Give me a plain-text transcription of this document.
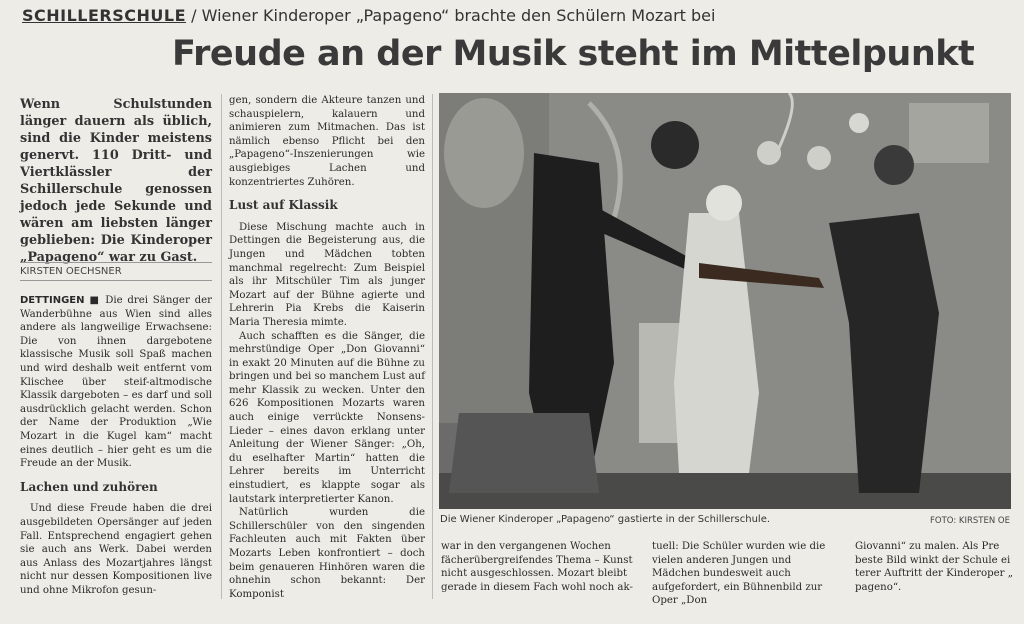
SCHILLERSCHULE / Wiener Kinderoper „Papageno“ brachte den Schülern Mozart bei
Freude an der Musik steht im Mittelpunkt
Wenn Schulstunden länger dauern als üblich, sind die Kinder meistens genervt. 110 Dritt- und Viertklässler der Schillerschule genossen jedoch jede Sekunde und wären am liebsten länger geblieben: Die Kinderoper „Papageno“ war zu Gast.
KIRSTEN OECHSNER

DETTINGEN ■ Die drei Sänger der Wanderbühne aus Wien sind alles andere als langweilige Erwachsene: Die von ihnen dargebotene klassische Musik soll Spaß machen und wird deshalb weit entfernt vom Klischee über steif-altmodische Klassik dargeboten – es darf und soll ausdrücklich gelacht werden. Schon der Name der Produktion „Wie Mozart in die Kugel kam“ macht eines deutlich – hier geht es um die Freude an der Musik.

Lachen und zuhören

Und diese Freude haben die drei ausgebildeten Opersänger auf jeden Fall. Entsprechend engagiert gehen sie auch ans Werk. Dabei werden aus Anlass des Mozartjahres längst nicht nur dessen Kompositionen live und ohne Mikrofon gesun-

gen, sondern die Akteure tanzen und schauspielern, kalauern und animieren zum Mitmachen. Das ist nämlich ebenso Pflicht bei den „Papageno“-Inszenierungen wie ausgiebiges Lachen und konzentriertes Zuhören.

Lust auf Klassik

Diese Mischung machte auch in Dettingen die Begeisterung aus, die Jungen und Mädchen tobten manchmal regelrecht: Zum Beispiel als ihr Mitschüler Tim als junger Mozart auf der Bühne agierte und Lehrerin Pia Krebs die Kaiserin Maria Theresia mimte.

Auch schafften es die Sänger, die mehrstündige Oper „Don Giovanni“ in exakt 20 Minuten auf die Bühne zu bringen und bei so manchem Lust auf mehr Klassik zu wecken. Unter den 626 Kompositionen Mozarts waren auch einige verrückte Nonsens-Lieder – eines davon erklang unter Anleitung der Wiener Sänger: „Oh, du eselhafter Martin“ hatten die Lehrer bereits im Unterricht einstudiert, es klappte sogar als lautstark interpretierter Kanon.

Natürlich wurden die Schillerschüler von den singenden Fachleuten auch mit Fakten über Mozarts Leben konfrontiert – doch beim genaueren Hinhören waren die ohnehin schon bekannt: Der Komponist

Die Wiener Kinderoper „Papageno“ gastierte in der Schillerschule.	FOTO: KIRSTEN OE

war in den vergangenen Wochen fächerübergreifendes Thema – Kunst nicht ausgeschlossen. Mozart bleibt gerade in diesem Fach wohl noch ak-

tuell: Die Schüler wurden wie die vielen anderen Jungen und Mädchen bundesweit auch aufgefordert, ein Bühnenbild zur Oper „Don

Giovanni“ zu malen. Als Pre beste Bild winkt der Schule ei terer Auftritt der Kinderoper „ pageno“.
